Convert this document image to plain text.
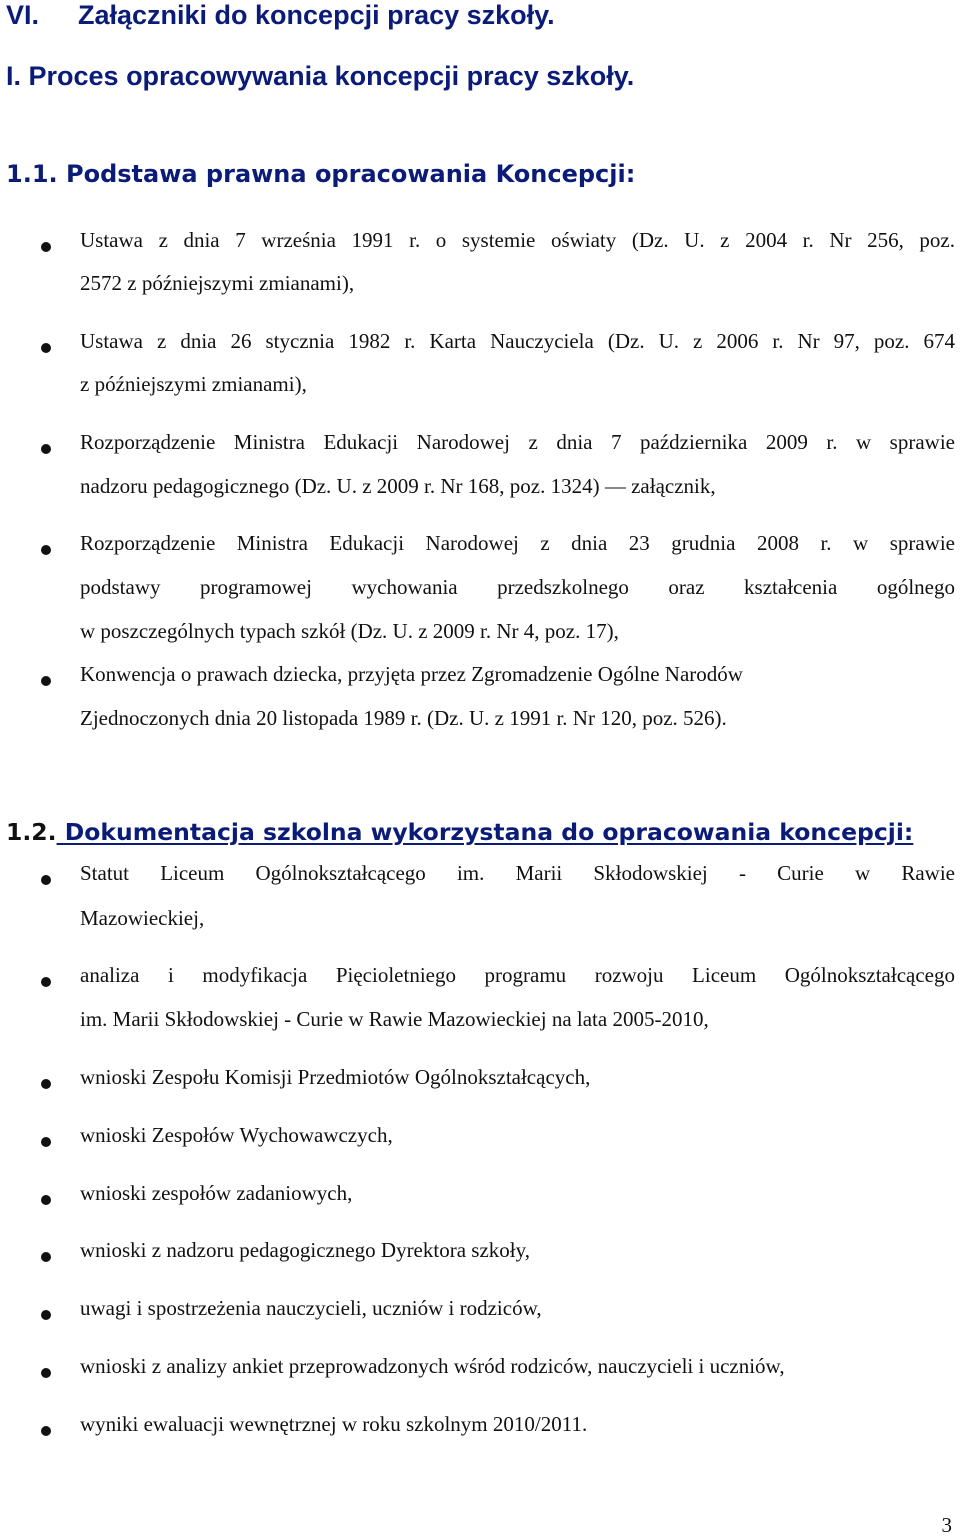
VI. Załączniki do koncepcji pracy szkoły.
I. Proces opracowywania koncepcji pracy szkoły.
1.1. Podstawa prawna opracowania Koncepcji:
Ustawa z dnia 7 września 1991 r. o systemie oświaty (Dz. U. z 2004 r. Nr 256, poz.
2572 z późniejszymi zmianami),
Ustawa z dnia 26 stycznia 1982 r. Karta Nauczyciela (Dz. U. z 2006 r. Nr 97, poz. 674
z późniejszymi zmianami),
Rozporządzenie Ministra Edukacji Narodowej z dnia 7 października 2009 r. w sprawie
nadzoru pedagogicznego (Dz. U. z 2009 r. Nr 168, poz. 1324) ― załącznik,
Rozporządzenie Ministra Edukacji Narodowej z dnia 23 grudnia 2008 r. w sprawie
podstawy programowej wychowania przedszkolnego oraz kształcenia ogólnego
w poszczególnych typach szkół (Dz. U. z 2009 r. Nr 4, poz. 17),
Konwencja o prawach dziecka, przyjęta przez Zgromadzenie Ogólne Narodów
Zjednoczonych dnia 20 listopada 1989 r. (Dz. U. z 1991 r. Nr 120, poz. 526).
1.2. Dokumentacja szkolna wykorzystana do opracowania koncepcji:
Statut Liceum Ogólnokształcącego im. Marii Skłodowskiej - Curie w Rawie
Mazowieckiej,
analiza i modyfikacja Pięcioletniego programu rozwoju Liceum Ogólnokształcącego
im. Marii Skłodowskiej - Curie w Rawie Mazowieckiej na lata 2005-2010,
wnioski Zespołu Komisji Przedmiotów Ogólnokształcących,
wnioski Zespołów Wychowawczych,
wnioski zespołów zadaniowych,
wnioski z nadzoru pedagogicznego Dyrektora szkoły,
uwagi i spostrzeżenia nauczycieli, uczniów i rodziców,
wnioski z analizy ankiet przeprowadzonych wśród rodziców, nauczycieli i uczniów,
wyniki ewaluacji wewnętrznej w roku szkolnym 2010/2011.
3
